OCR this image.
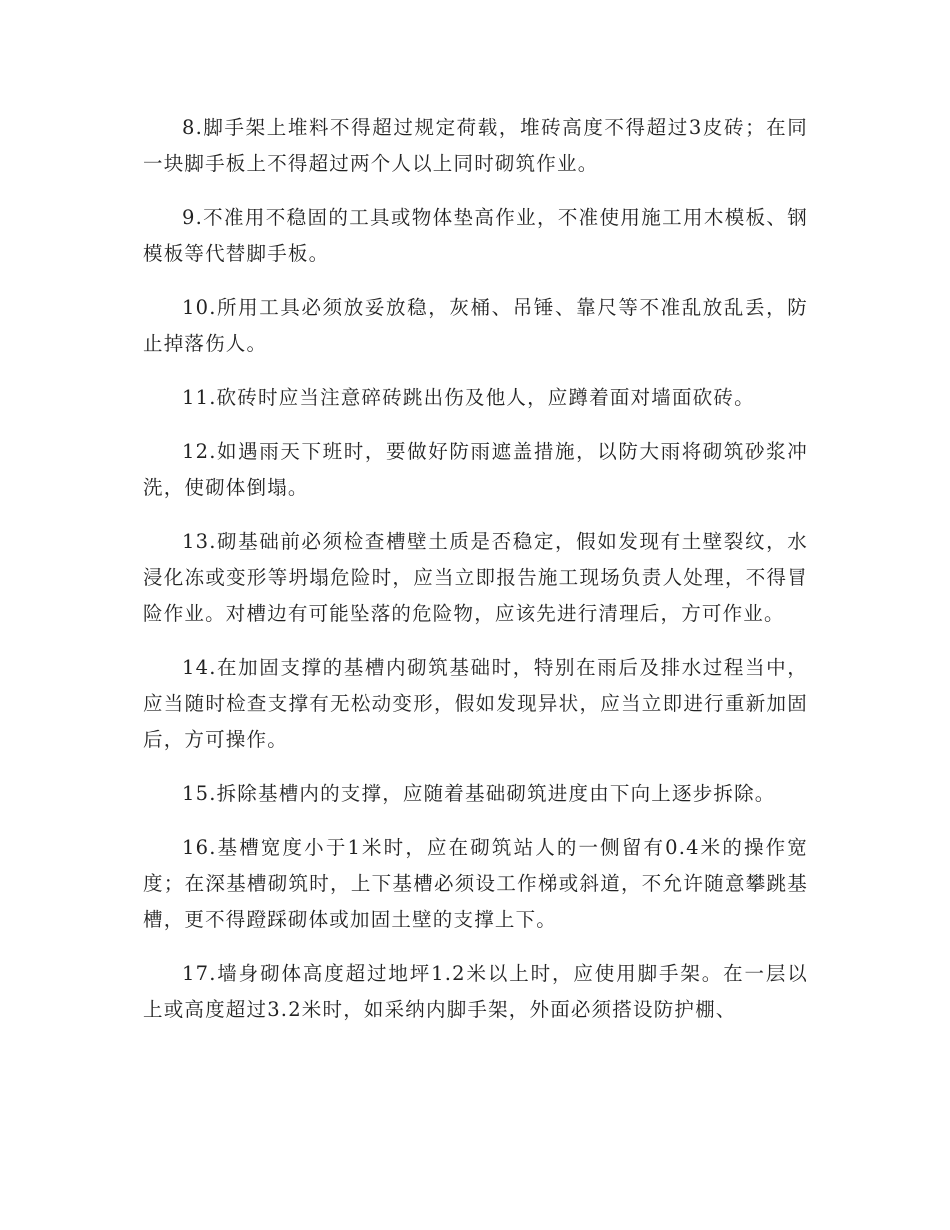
8.脚手架上堆料不得超过规定荷载，堆砖高度不得超过3皮砖；在同一块脚手板上不得超过两个人以上同时砌筑作业。

9.不准用不稳固的工具或物体垫高作业，不准使用施工用木模板、钢模板等代替脚手板。

10.所用工具必须放妥放稳，灰桶、吊锤、靠尺等不准乱放乱丢，防止掉落伤人。

11.砍砖时应当注意碎砖跳出伤及他人，应蹲着面对墙面砍砖。

12.如遇雨天下班时，要做好防雨遮盖措施，以防大雨将砌筑砂浆冲洗，使砌体倒塌。

13.砌基础前必须检查槽壁土质是否稳定，假如发现有土壁裂纹，水浸化冻或变形等坍塌危险时，应当立即报告施工现场负责人处理，不得冒险作业。对槽边有可能坠落的危险物，应该先进行清理后，方可作业。

14.在加固支撑的基槽内砌筑基础时，特别在雨后及排水过程当中，应当随时检查支撑有无松动变形，假如发现异状，应当立即进行重新加固后，方可操作。

15.拆除基槽内的支撑，应随着基础砌筑进度由下向上逐步拆除。

16.基槽宽度小于1米时，应在砌筑站人的一侧留有0.4米的操作宽度；在深基槽砌筑时，上下基槽必须设工作梯或斜道，不允许随意攀跳基槽，更不得蹬踩砌体或加固土壁的支撑上下。

17.墙身砌体高度超过地坪1.2米以上时，应使用脚手架。在一层以上或高度超过3.2米时，如采纳内脚手架，外面必须搭设防护棚、
